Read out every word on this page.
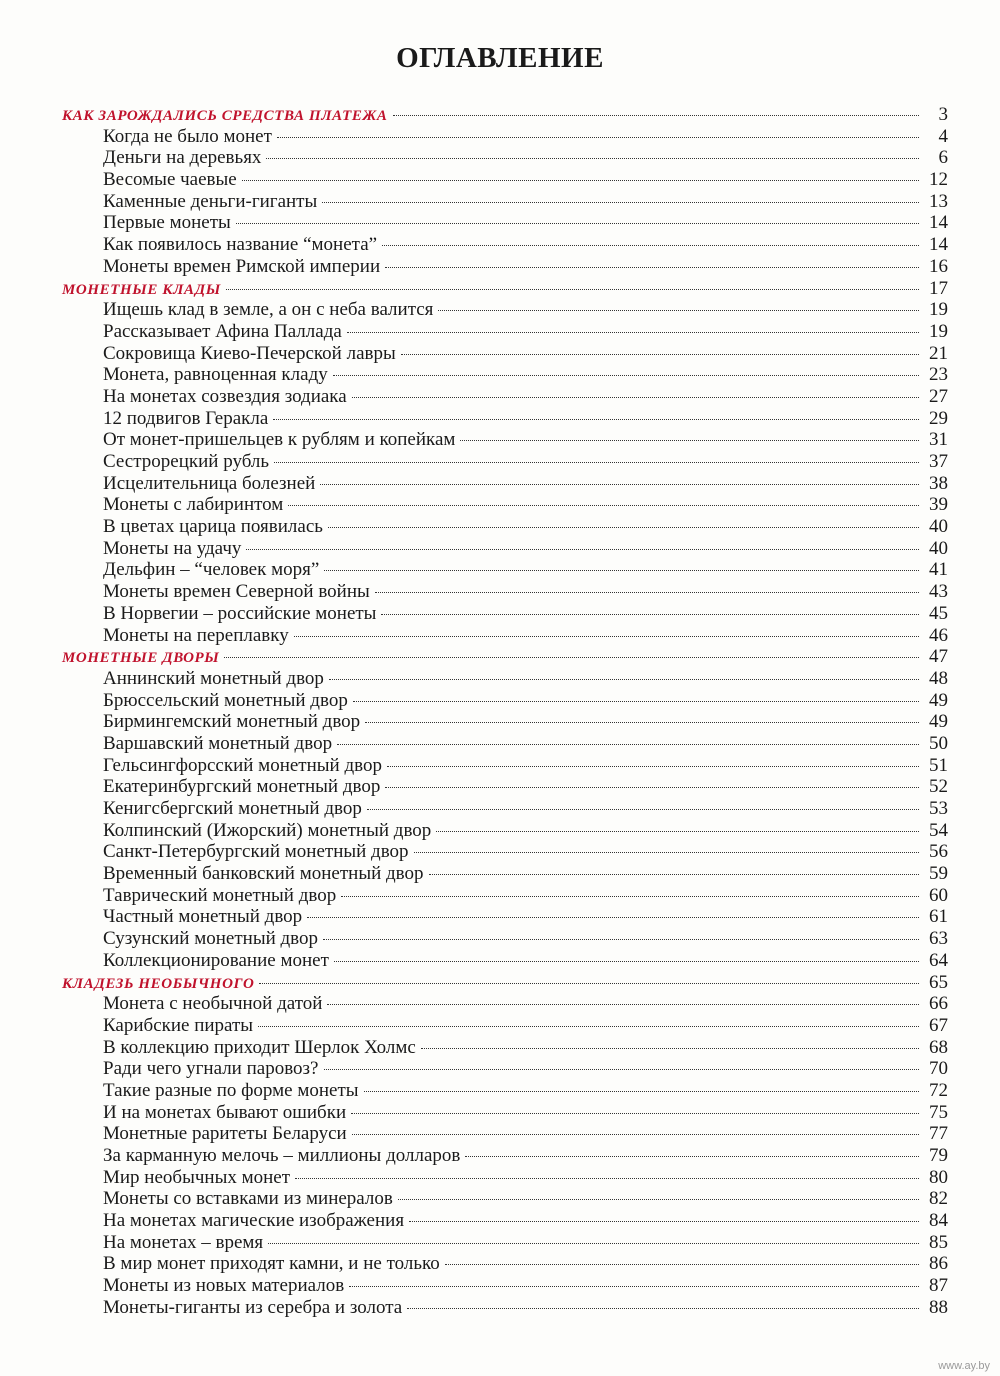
ОГЛАВЛЕНИЕ
КАК ЗАРОЖДАЛИСЬ СРЕДСТВА ПЛАТЕЖА	3
Когда не было монет	4
Деньги на деревьях	6
Весомые чаевые	12
Каменные деньги-гиганты	13
Первые монеты	14
Как появилось название “монета”	14
Монеты времен Римской империи	16
МОНЕТНЫЕ КЛАДЫ	17
Ищешь клад в земле, а он с неба валится	19
Рассказывает Афина Паллада	19
Сокровища Киево-Печерской лавры	21
Монета, равноценная кладу	23
На монетах созвездия зодиака	27
12 подвигов Геракла	29
От монет-пришельцев к рублям и копейкам	31
Сестрорецкий рубль	37
Исцелительница болезней	38
Монеты с лабиринтом	39
В цветах царица появилась	40
Монеты на удачу	40
Дельфин – “человек моря”	41
Монеты времен Северной войны	43
В Норвегии – российские монеты	45
Монеты на переплавку	46
МОНЕТНЫЕ ДВОРЫ	47
Аннинский монетный двор	48
Брюссельский монетный двор	49
Бирмингемский монетный двор	49
Варшавский монетный двор	50
Гельсингфорсский монетный двор	51
Екатеринбургский монетный двор	52
Кенигсбергский монетный двор	53
Колпинский (Ижорский) монетный двор	54
Санкт-Петербургский монетный двор	56
Временный банковский монетный двор	59
Таврический монетный двор	60
Частный монетный двор	61
Сузунский монетный двор	63
Коллекционирование монет	64
КЛАДЕЗЬ НЕОБЫЧНОГО	65
Монета с необычной датой	66
Карибские пираты	67
В коллекцию приходит Шерлок Холмс	68
Ради чего угнали паровоз?	70
Такие разные по форме монеты	72
И на монетах бывают ошибки	75
Монетные раритеты Беларуси	77
За карманную мелочь – миллионы долларов	79
Мир необычных монет	80
Монеты со вставками из минералов	82
На монетах магические изображения	84
На монетах – время	85
В мир монет приходят камни, и не только	86
Монеты из новых материалов	87
Монеты-гиганты из серебра и золота	88
www.ay.by
